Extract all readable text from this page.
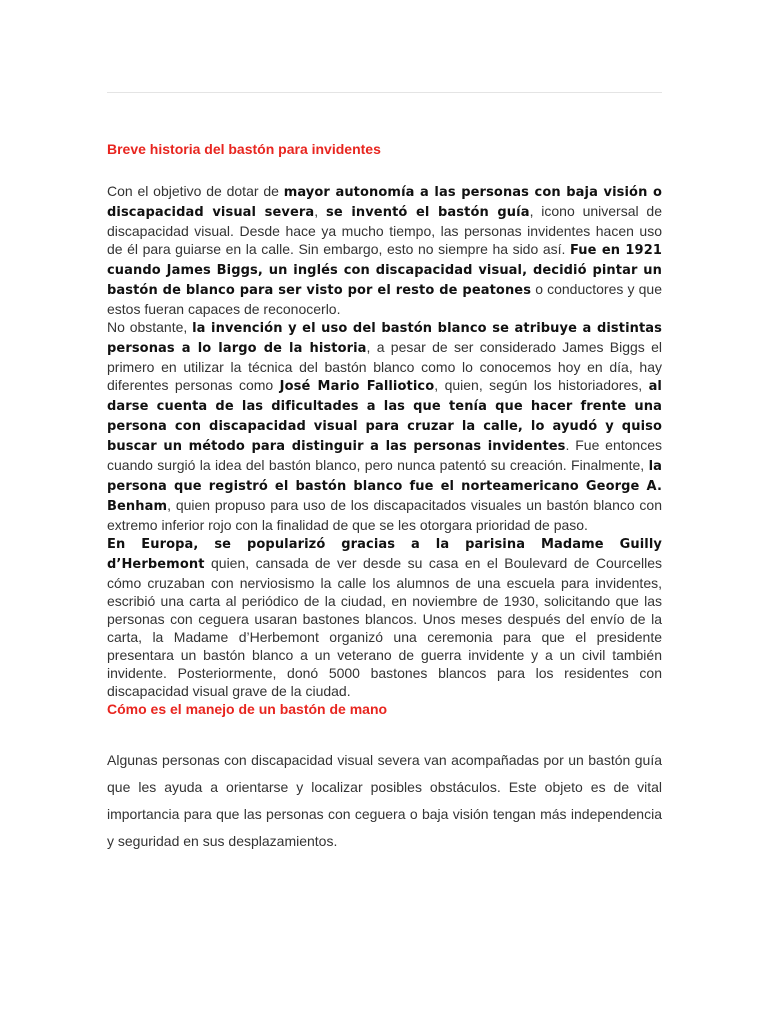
Breve historia del bastón para invidentes

Con el objetivo de dotar de mayor autonomía a las personas con baja visión o discapacidad visual severa, se inventó el bastón guía, icono universal de discapacidad visual. Desde hace ya mucho tiempo, las personas invidentes hacen uso de él para guiarse en la calle. Sin embargo, esto no siempre ha sido así. Fue en 1921 cuando James Biggs, un inglés con discapacidad visual, decidió pintar un bastón de blanco para ser visto por el resto de peatones o conductores y que estos fueran capaces de reconocerlo.

No obstante, la invención y el uso del bastón blanco se atribuye a distintas personas a lo largo de la historia, a pesar de ser considerado James Biggs el primero en utilizar la técnica del bastón blanco como lo conocemos hoy en día, hay diferentes personas como José Mario Falliotico, quien, según los historiadores, al darse cuenta de las dificultades a las que tenía que hacer frente una persona con discapacidad visual para cruzar la calle, lo ayudó y quiso buscar un método para distinguir a las personas invidentes. Fue entonces cuando surgió la idea del bastón blanco, pero nunca patentó su creación. Finalmente, la persona que registró el bastón blanco fue el norteamericano George A. Benham, quien propuso para uso de los discapacitados visuales un bastón blanco con extremo inferior rojo con la finalidad de que se les otorgara prioridad de paso.

En Europa, se popularizó gracias a la parisina Madame Guilly d’Herbemont quien, cansada de ver desde su casa en el Boulevard de Courcelles cómo cruzaban con nerviosismo la calle los alumnos de una escuela para invidentes, escribió una carta al periódico de la ciudad, en noviembre de 1930, solicitando que las personas con ceguera usaran bastones blancos. Unos meses después del envío de la carta, la Madame d’Herbemont organizó una ceremonia para que el presidente presentara un bastón blanco a un veterano de guerra invidente y a un civil también invidente. Posteriormente, donó 5000 bastones blancos para los residentes con discapacidad visual grave de la ciudad.

Cómo es el manejo de un bastón de mano

Algunas personas con discapacidad visual severa van acompañadas por un bastón guía que les ayuda a orientarse y localizar posibles obstáculos. Este objeto es de vital importancia para que las personas con ceguera o baja visión tengan más independencia y seguridad en sus desplazamientos.
